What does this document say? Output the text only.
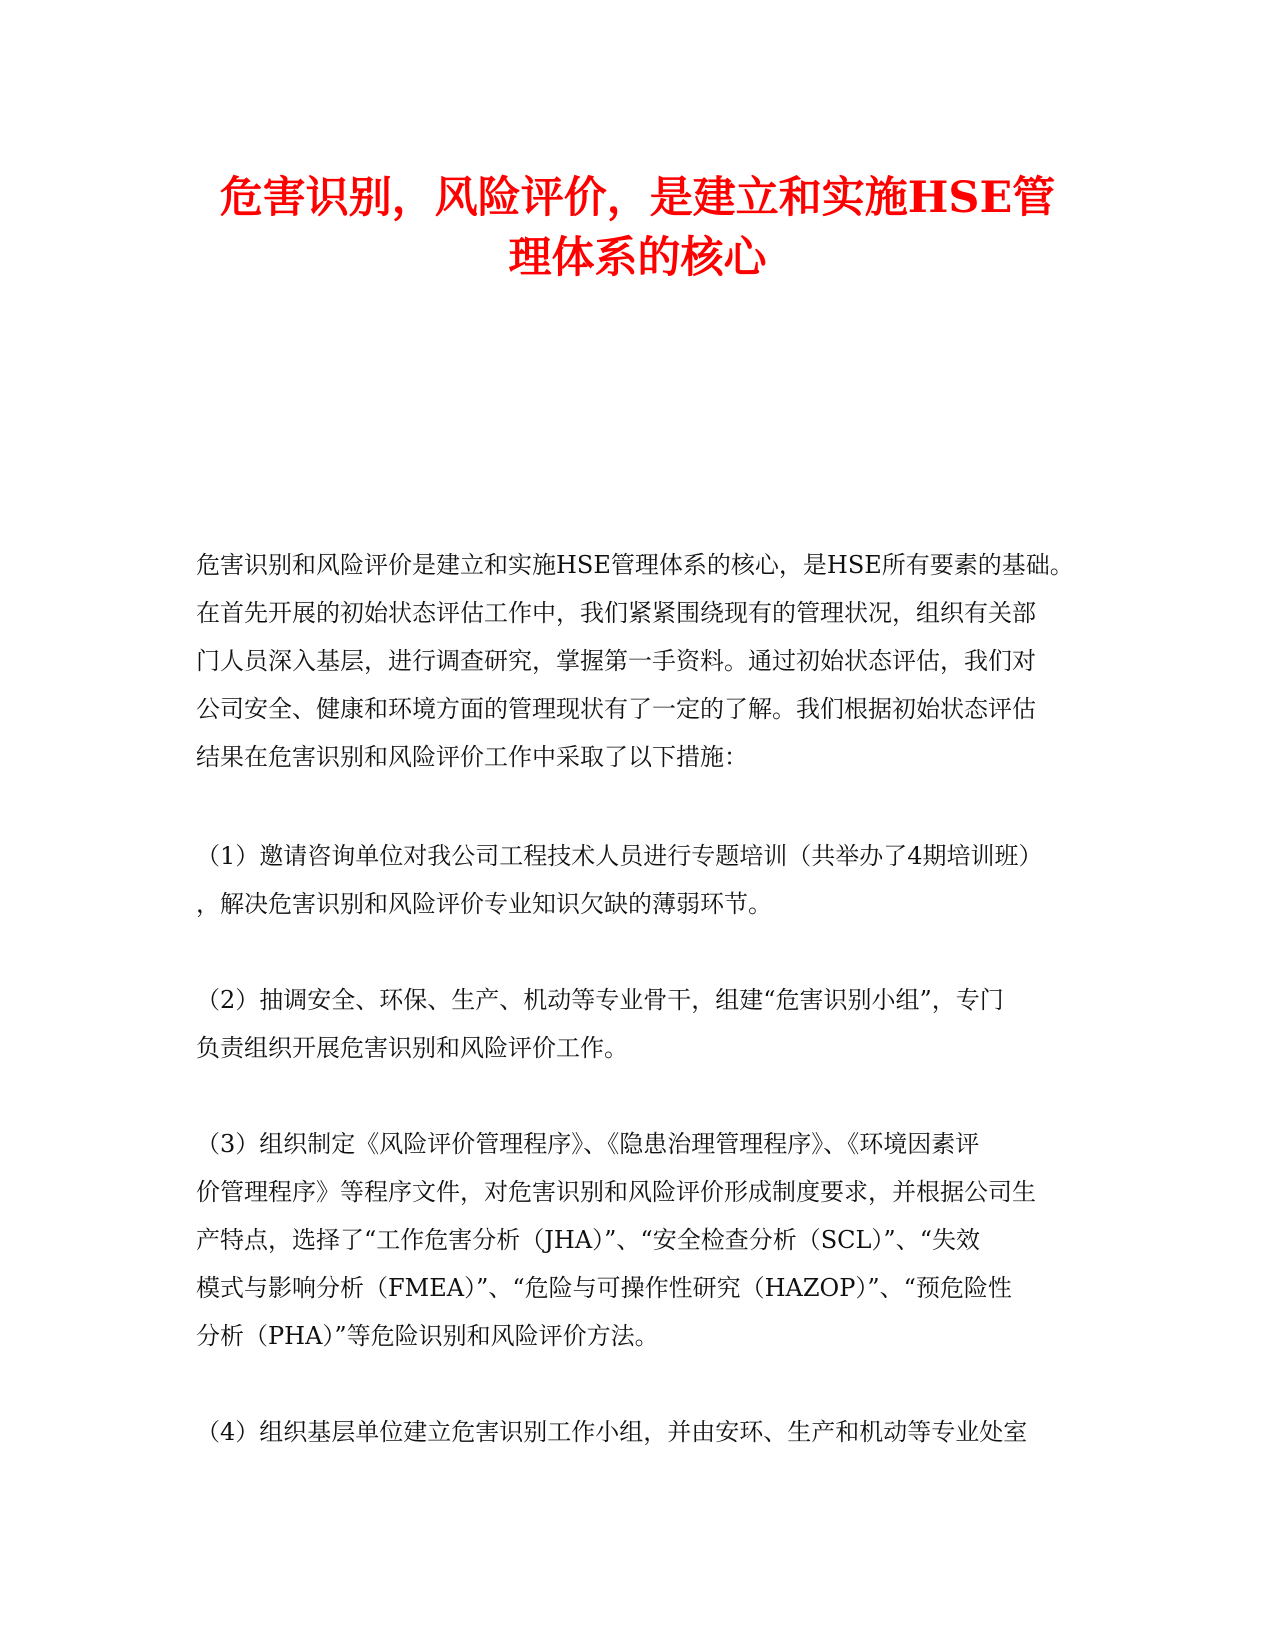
危害识别，风险评价，是建立和实施HSE管
理体系的核心

危害识别和风险评价是建立和实施HSE管理体系的核心，是HSE所有要素的基础。
在首先开展的初始状态评估工作中，我们紧紧围绕现有的管理状况，组织有关部
门人员深入基层，进行调查研究，掌握第一手资料。通过初始状态评估，我们对
公司安全、健康和环境方面的管理现状有了一定的了解。我们根据初始状态评估
结果在危害识别和风险评价工作中采取了以下措施：

（1）邀请咨询单位对我公司工程技术人员进行专题培训（共举办了4期培训班）
，解决危害识别和风险评价专业知识欠缺的薄弱环节。

（2）抽调安全、环保、生产、机动等专业骨干，组建“危害识别小组”，专门
负责组织开展危害识别和风险评价工作。

（3）组织制定《风险评价管理程序》、《隐患治理管理程序》、《环境因素评
价管理程序》等程序文件，对危害识别和风险评价形成制度要求，并根据公司生
产特点，选择了“工作危害分析（JHA）”、“安全检查分析（SCL）”、“失效
模式与影响分析（FMEA）”、“危险与可操作性研究（HAZOP）”、“预危险性
分析（PHA）”等危险识别和风险评价方法。

（4）组织基层单位建立危害识别工作小组，并由安环、生产和机动等专业处室
